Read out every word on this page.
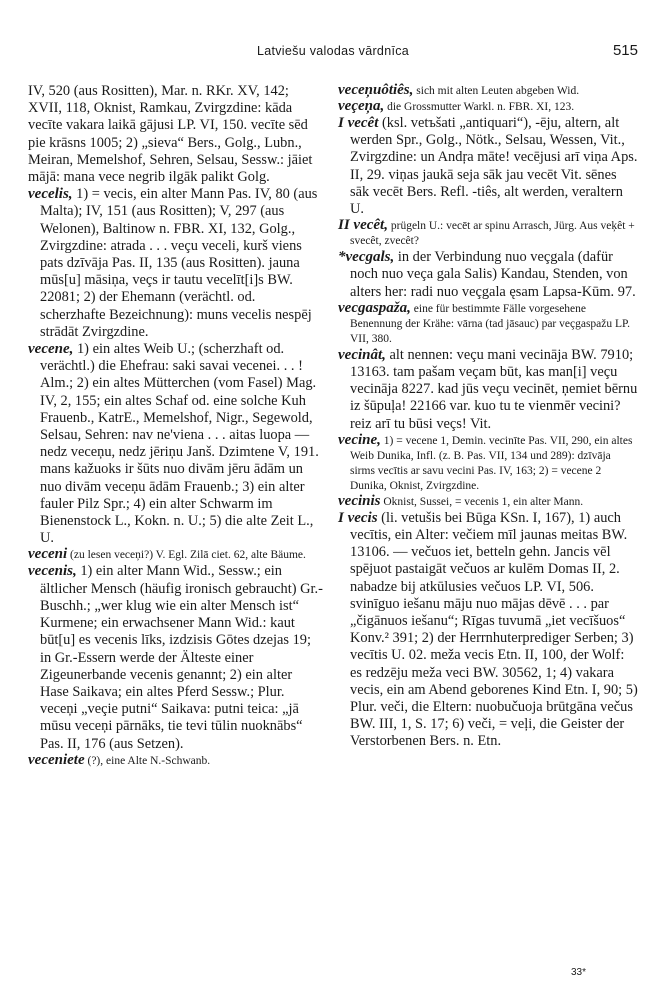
Latviešu valodas vārdnīca	515

IV, 520 (aus Rositten), Mar. n. RKr. XV, 142; XVII, 118, Oknist, Ramkau, Zvirgzdine: kāda vecīte vakara laikā gājusi LP. VI, 150. vecīte sēd pie krāsns 1005; 2) „sieva“ Bers., Golg., Lubn., Meiran, Memelshof, Sehren, Selsau, Sessw.: jāiet mājā: mana vece negrib ilgāk palikt Golg.

vecelis, 1) = vecis, ein alter Mann Pas. IV, 80 (aus Malta); IV, 151 (aus Rositten); V, 297 (aus Welonen), Baltinow n. FBR. XI, 132, Golg., Zvirgzdine: atrada . . . veçu veceli, kurš viens pats dzīvāja Pas. II, 135 (aus Rositten). jauna mūs[u] māsiņa, veçs ir tautu vecelīt[i]s BW. 22081; 2) der Ehemann (verächtl. od. scherzhafte Bezeichnung): muns vecelis nespēj strādāt Zvirgzdine.

vecene, 1) ein altes Weib U.; (scherzhaft od. verächtl.) die Ehefrau: saki savai vecenei. . . ! Alm.; 2) ein altes Mütterchen (vom Fasel) Mag. IV, 2, 155; ein altes Schaf od. eine solche Kuh Frauenb., KatrE., Memelshof, Nigr., Segewold, Selsau, Sehren: nav ne'viena . . . aitas luopa — nedz veceņu, nedz jēriņu Janš. Dzimtene V, 191. mans kažuoks ir šūts nuo divām jēru ādām un nuo divām veceņu ādām Frauenb.; 3) ein alter fauler Pilz Spr.; 4) ein alter Schwarm im Bienenstock L., Kokn. n. U.; 5) die alte Zeit L., U.

veceni (zu lesen veceņi?) V. Egl. Zilā ciet. 62, alte Bäume.

vecenis, 1) ein alter Mann Wid., Sessw.; ein ältlicher Mensch (häufig ironisch gebraucht) Gr.-Buschh.; „wer klug wie ein alter Mensch ist“ Kurmene; ein erwachsener Mann Wid.: kaut būt[u] es vecenis līks, izdzisis Gōtes dzejas 19; in Gr.-Essern werde der Älteste einer Zigeunerbande vecenis genannt; 2) ein alter Hase Saikava; ein altes Pferd Sessw.; Plur. veceņi „veçie putni“ Saikava: putni teica: „jā mūsu veceņi pārnāks, tie tevi tūlin nuoknābs“ Pas. II, 176 (aus Setzen).

veceniete (?), eine Alte N.-Schwanb.

veceņuôtiês, sich mit alten Leuten abgeben Wid.

veçeņa, die Grossmutter Warkl. n. FBR. XI, 123.

I vecêt (ksl. vetъšati „antiquari“), -ēju, altern, alt werden Spr., Golg., Nötk., Selsau, Wessen, Vit., Zvirgzdine: un Andŗa māte! vecējusi arī viņa Aps. II, 29. viņas jaukā seja sāk jau vecēt Vit. sēnes sāk vecēt Bers. Refl. -tiês, alt werden, veraltern U.

II vecêt, prügeln U.: vecēt ar spinu Arrasch, Jürg. Aus veķêt + svecêt, zvecêt?

*vecgals, in der Verbindung nuo veçgala (dafür noch nuo veça gala Salis) Kandau, Stenden, von alters her: radi nuo veçgala ęsam Lapsa-Kūm. 97.

vecgaspaža, eine für bestimmte Fälle vorgesehene Benennung der Krähe: vārna (tad jāsauc) par veçgaspažu LP. VII, 380.

vecinât, alt nennen: veçu mani vecināja BW. 7910; 13163. tam pašam veçam būt, kas man[i] veçu vecināja 8227. kad jūs veçu vecinēt, ņemiet bērnu iz šūpuļa! 22166 var. kuo tu te vienmēr vecini? reiz arī tu būsi veçs! Vit.

vecine, 1) = vecene 1, Demin. vecinīte Pas. VII, 290, ein altes Weib Dunika, Infl. (z. B. Pas. VII, 134 und 289): dzīvāja sirms vecītis ar savu vecini Pas. IV, 163; 2) = vecene 2 Dunika, Oknist, Zvirgzdine.

vecinis Oknist, Sussei, = vecenis 1, ein alter Mann.

I vecis (li. vetušis bei Būga KSn. I, 167), 1) auch vecītis, ein Alter: večiem mīl jaunas meitas BW. 13106. — večuos iet, betteln gehn. Jancis vēl spējuot pastaigāt večuos ar kulēm Domas II, 2. nabadze bij atkūlusies večuos LP. VI, 506. svinīguo iešanu māju nuo mājas dēvē . . . par „čigānuos iešanu“; Rīgas tuvumā „iet vecīšuos“ Konv.² 391; 2) der Herrnhuterprediger Serben; 3) vecītis U. 02. meža vecis Etn. II, 100, der Wolf: es redzēju meža veci BW. 30562, 1; 4) vakara vecis, ein am Abend geborenes Kind Etn. I, 90; 5) Plur. veči, die Eltern: nuobučuoja brūtgāna večus BW. III, 1, S. 17; 6) veči, = veļi, die Geister der Verstorbenen Bers. n. Etn.

33*
